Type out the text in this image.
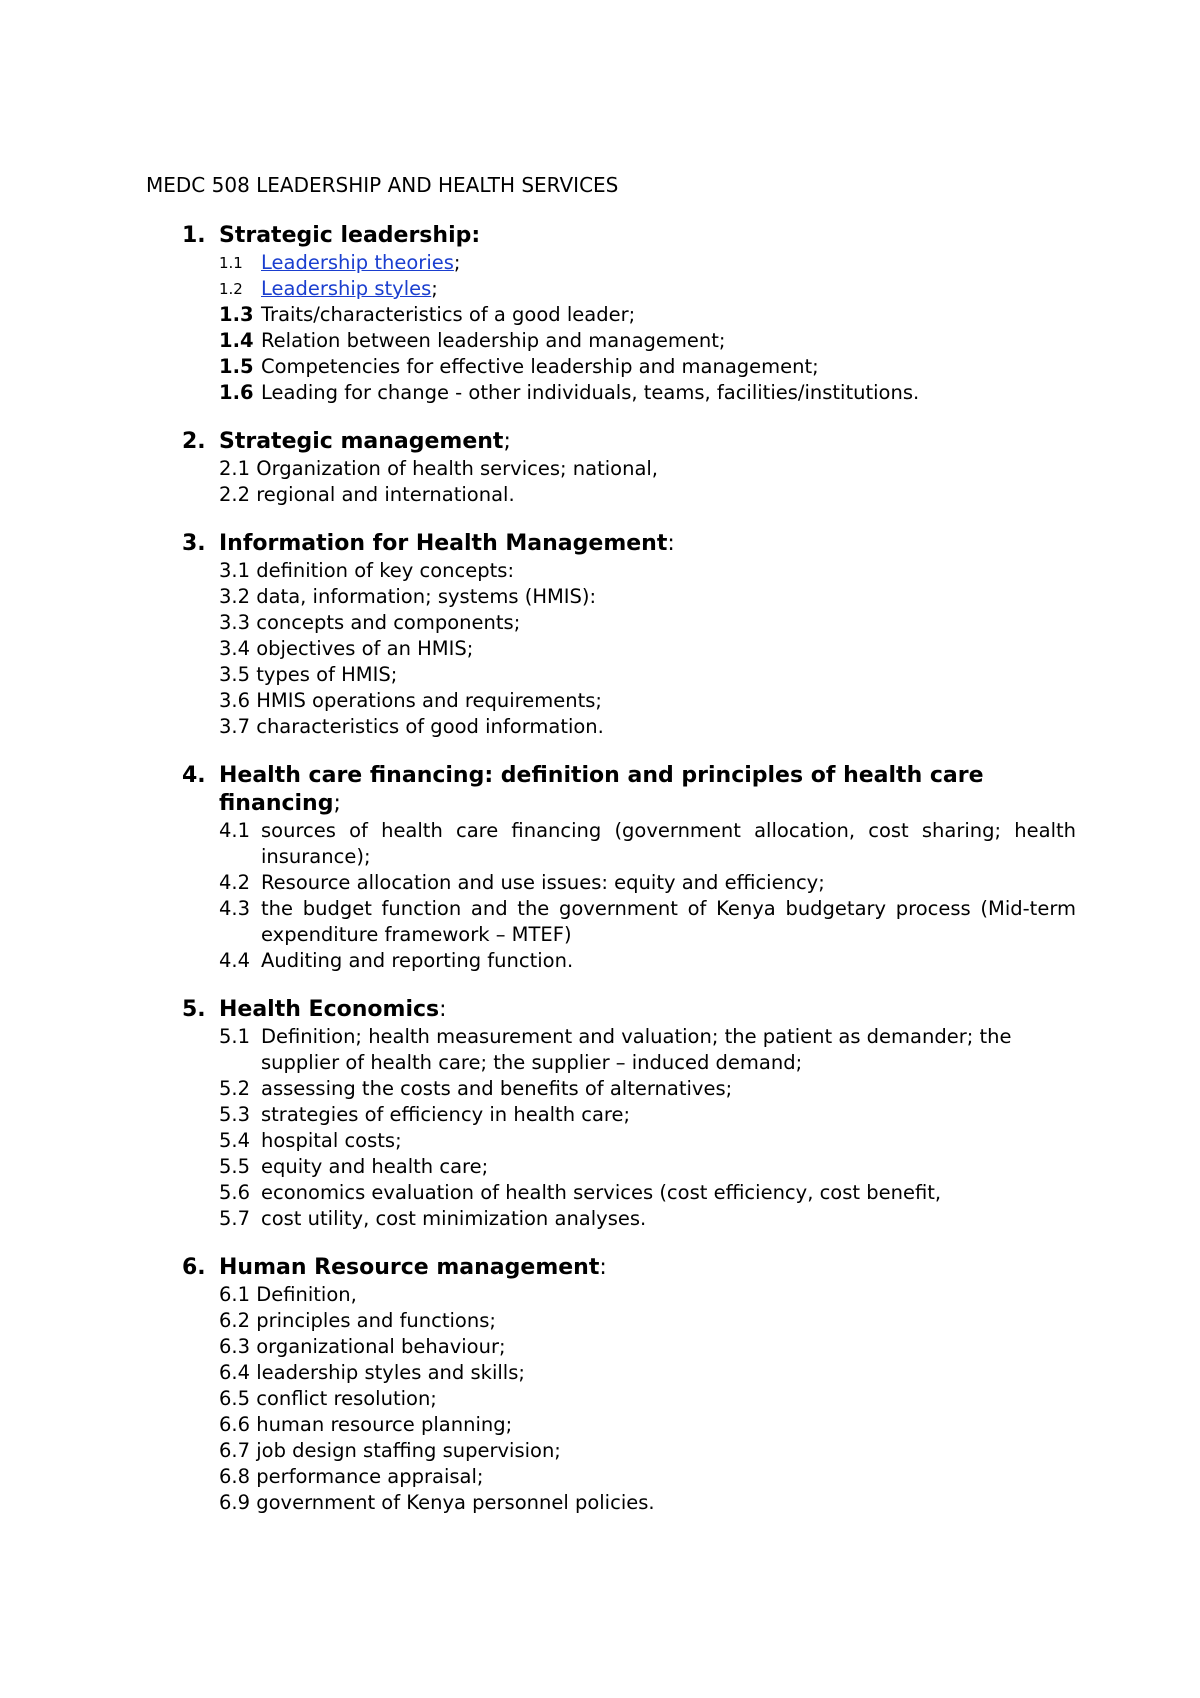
MEDC 508 LEADERSHIP AND HEALTH SERVICES
1. Strategic leadership:
1.1 Leadership theories;
1.2 Leadership styles;
1.3 Traits/characteristics of a good leader;
1.4 Relation between leadership and management;
1.5 Competencies for effective leadership and management;
1.6 Leading for change - other individuals, teams, facilities/institutions.
2. Strategic management;
2.1 Organization of health services; national,
2.2 regional and international.
3. Information for Health Management:
3.1 definition of key concepts:
3.2 data, information; systems (HMIS):
3.3 concepts and components;
3.4 objectives of an HMIS;
3.5 types of HMIS;
3.6 HMIS operations and requirements;
3.7 characteristics of good information.
4. Health care financing: definition and principles of health care financing;
4.1 sources of health care financing (government allocation, cost sharing; health insurance);
4.2 Resource allocation and use issues: equity and efficiency;
4.3 the budget function and the government of Kenya budgetary process (Mid-term expenditure framework – MTEF)
4.4 Auditing and reporting function.
5. Health Economics:
5.1 Definition; health measurement and valuation; the patient as demander; the supplier of health care; the supplier – induced demand;
5.2 assessing the costs and benefits of alternatives;
5.3 strategies of efficiency in health care;
5.4 hospital costs;
5.5 equity and health care;
5.6 economics evaluation of health services (cost efficiency, cost benefit,
5.7 cost utility, cost minimization analyses.
6. Human Resource management:
6.1 Definition,
6.2 principles and functions;
6.3 organizational behaviour;
6.4 leadership styles and skills;
6.5 conflict resolution;
6.6 human resource planning;
6.7 job design staffing supervision;
6.8 performance appraisal;
6.9 government of Kenya personnel policies.
